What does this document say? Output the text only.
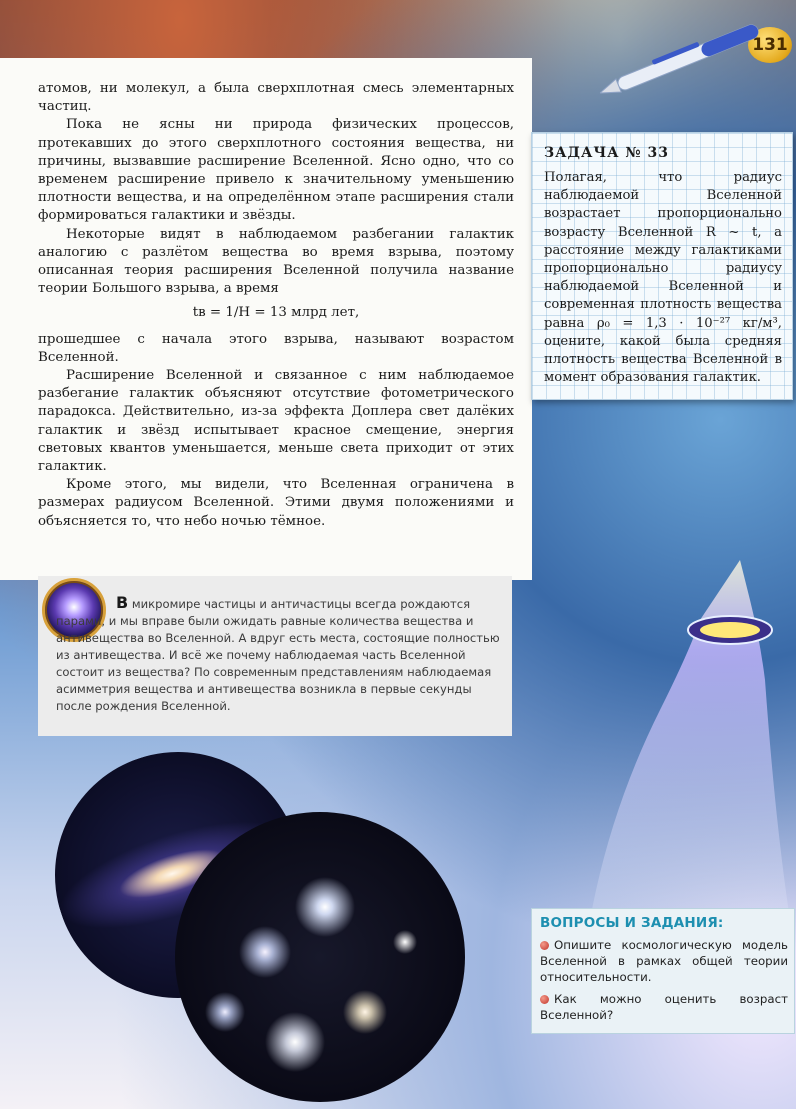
131

атомов, ни молекул, а была сверхплотная смесь элементарных частиц.

Пока не ясны ни природа физических процессов, протекавших до этого сверхплотного состояния вещества, ни причины, вызвавшие расширение Вселенной. Ясно одно, что со временем расширение привело к значительному уменьшению плотности вещества, и на определённом этапе расширения стали формироваться галактики и звёзды.

Некоторые видят в наблюдаемом разбегании галактик аналогию с разлётом вещества во время взрыва, поэтому описанная теория расширения Вселенной получила название теории Большого взрыва, а время

tв = 1/H = 13 млрд лет,

прошедшее с начала этого взрыва, называют возрастом Вселенной.

Расширение Вселенной и связанное с ним наблюдаемое разбегание галактик объясняют отсутствие фотометрического парадокса. Действительно, из-за эффекта Доплера свет далёких галактик и звёзд испытывает красное смещение, энергия световых квантов уменьшается, меньше света приходит от этих галактик.

Кроме этого, мы видели, что Вселенная ограничена в размерах радиусом Вселенной. Этими двумя положениями и объясняется то, что небо ночью тёмное.

ЗАДАЧА № 33
Полагая, что радиус наблюдаемой Вселенной возрастает пропорционально возрасту Вселенной R ~ t, а расстояние между галактиками пропорционально радиусу наблюдаемой Вселенной и современная плотность вещества равна ρ₀ = 1,3 · 10⁻²⁷ кг/м³, оцените, какой была средняя плотность вещества Вселенной в момент образования галактик.
В микромире частицы и античастицы всегда рождаются парами, и мы вправе были ожидать равные количества вещества и антивещества во Вселенной. А вдруг есть места, состоящие полностью из антивещества. И всё же почему наблюдаемая часть Вселенной состоит из вещества? По современным представлениям наблюдаемая асимметрия вещества и антивещества возникла в первые секунды после рождения Вселенной.
ВОПРОСЫ И ЗАДАНИЯ:
Опишите космологическую модель Вселенной в рамках общей теории относительности.
Как можно оценить возраст Вселенной?
